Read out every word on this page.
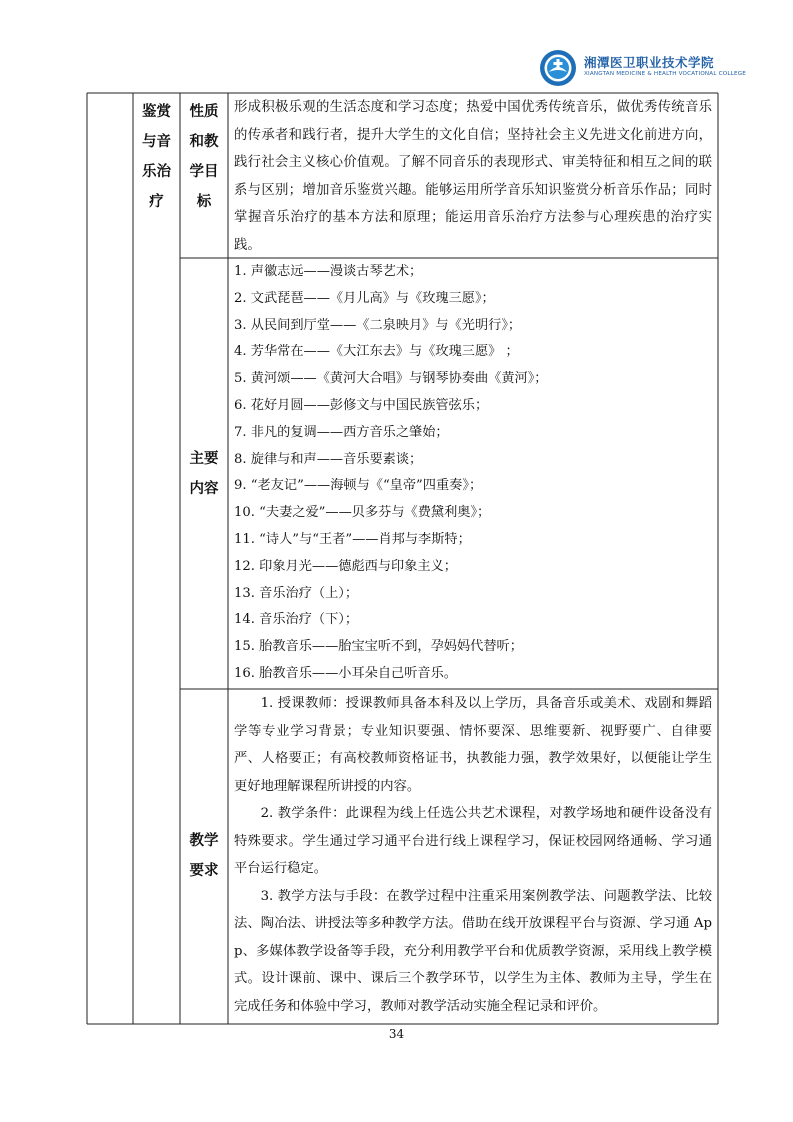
湘潭医卫职业技术学院
XIANGTAN MEDICINE & HEALTH VOCATIONAL COLLEGE
鉴赏与音乐治疗
性质和教学目标
形成积极乐观的生活态度和学习态度；热爱中国优秀传统音乐，做优秀传统音乐的传承者和践行者，提升大学生的文化自信；坚持社会主义先进文化前进方向，践行社会主义核心价值观。了解不同音乐的表现形式、审美特征和相互之间的联系与区别；增加音乐鉴赏兴趣。能够运用所学音乐知识鉴赏分析音乐作品；同时掌握音乐治疗的基本方法和原理；能运用音乐治疗方法参与心理疾患的治疗实践。
主要内容
1. 声徽志远——漫谈古琴艺术；
2. 文武琵琶——《月儿高》与《玫瑰三愿》；
3. 从民间到厅堂——《二泉映月》与《光明行》；
4. 芳华常在——《大江东去》与《玫瑰三愿》 ；
5. 黄河颂——《黄河大合唱》与钢琴协奏曲《黄河》；
6. 花好月圆——彭修文与中国民族管弦乐；
7. 非凡的复调——西方音乐之肇始；
8. 旋律与和声——音乐要素谈；
9. “老友记”——海顿与《“皇帝”四重奏》；
10. “夫妻之爱”——贝多芬与《费黛利奥》；
11. “诗人”与“王者”——肖邦与李斯特；
12. 印象月光——德彪西与印象主义；
13. 音乐治疗（上）；
14. 音乐治疗（下）；
15. 胎教音乐——胎宝宝听不到，孕妈妈代替听；
16. 胎教音乐——小耳朵自己听音乐。
教学要求

1. 授课教师：授课教师具备本科及以上学历，具备音乐或美术、戏剧和舞蹈学等专业学习背景；专业知识要强、情怀要深、思维要新、视野要广、自律要严、人格要正；有高校教师资格证书，执教能力强，教学效果好，以便能让学生更好地理解课程所讲授的内容。

2. 教学条件：此课程为线上任选公共艺术课程，对教学场地和硬件设备没有特殊要求。学生通过学习通平台进行线上课程学习，保证校园网络通畅、学习通平台运行稳定。

3. 教学方法与手段：在教学过程中注重采用案例教学法、问题教学法、比较法、陶冶法、讲授法等多种教学方法。借助在线开放课程平台与资源、学习通 App、多媒体教学设备等手段，充分利用教学平台和优质教学资源，采用线上教学模式。设计课前、课中、课后三个教学环节，以学生为主体、教师为主导，学生在完成任务和体验中学习，教师对教学活动实施全程记录和评价。

34
